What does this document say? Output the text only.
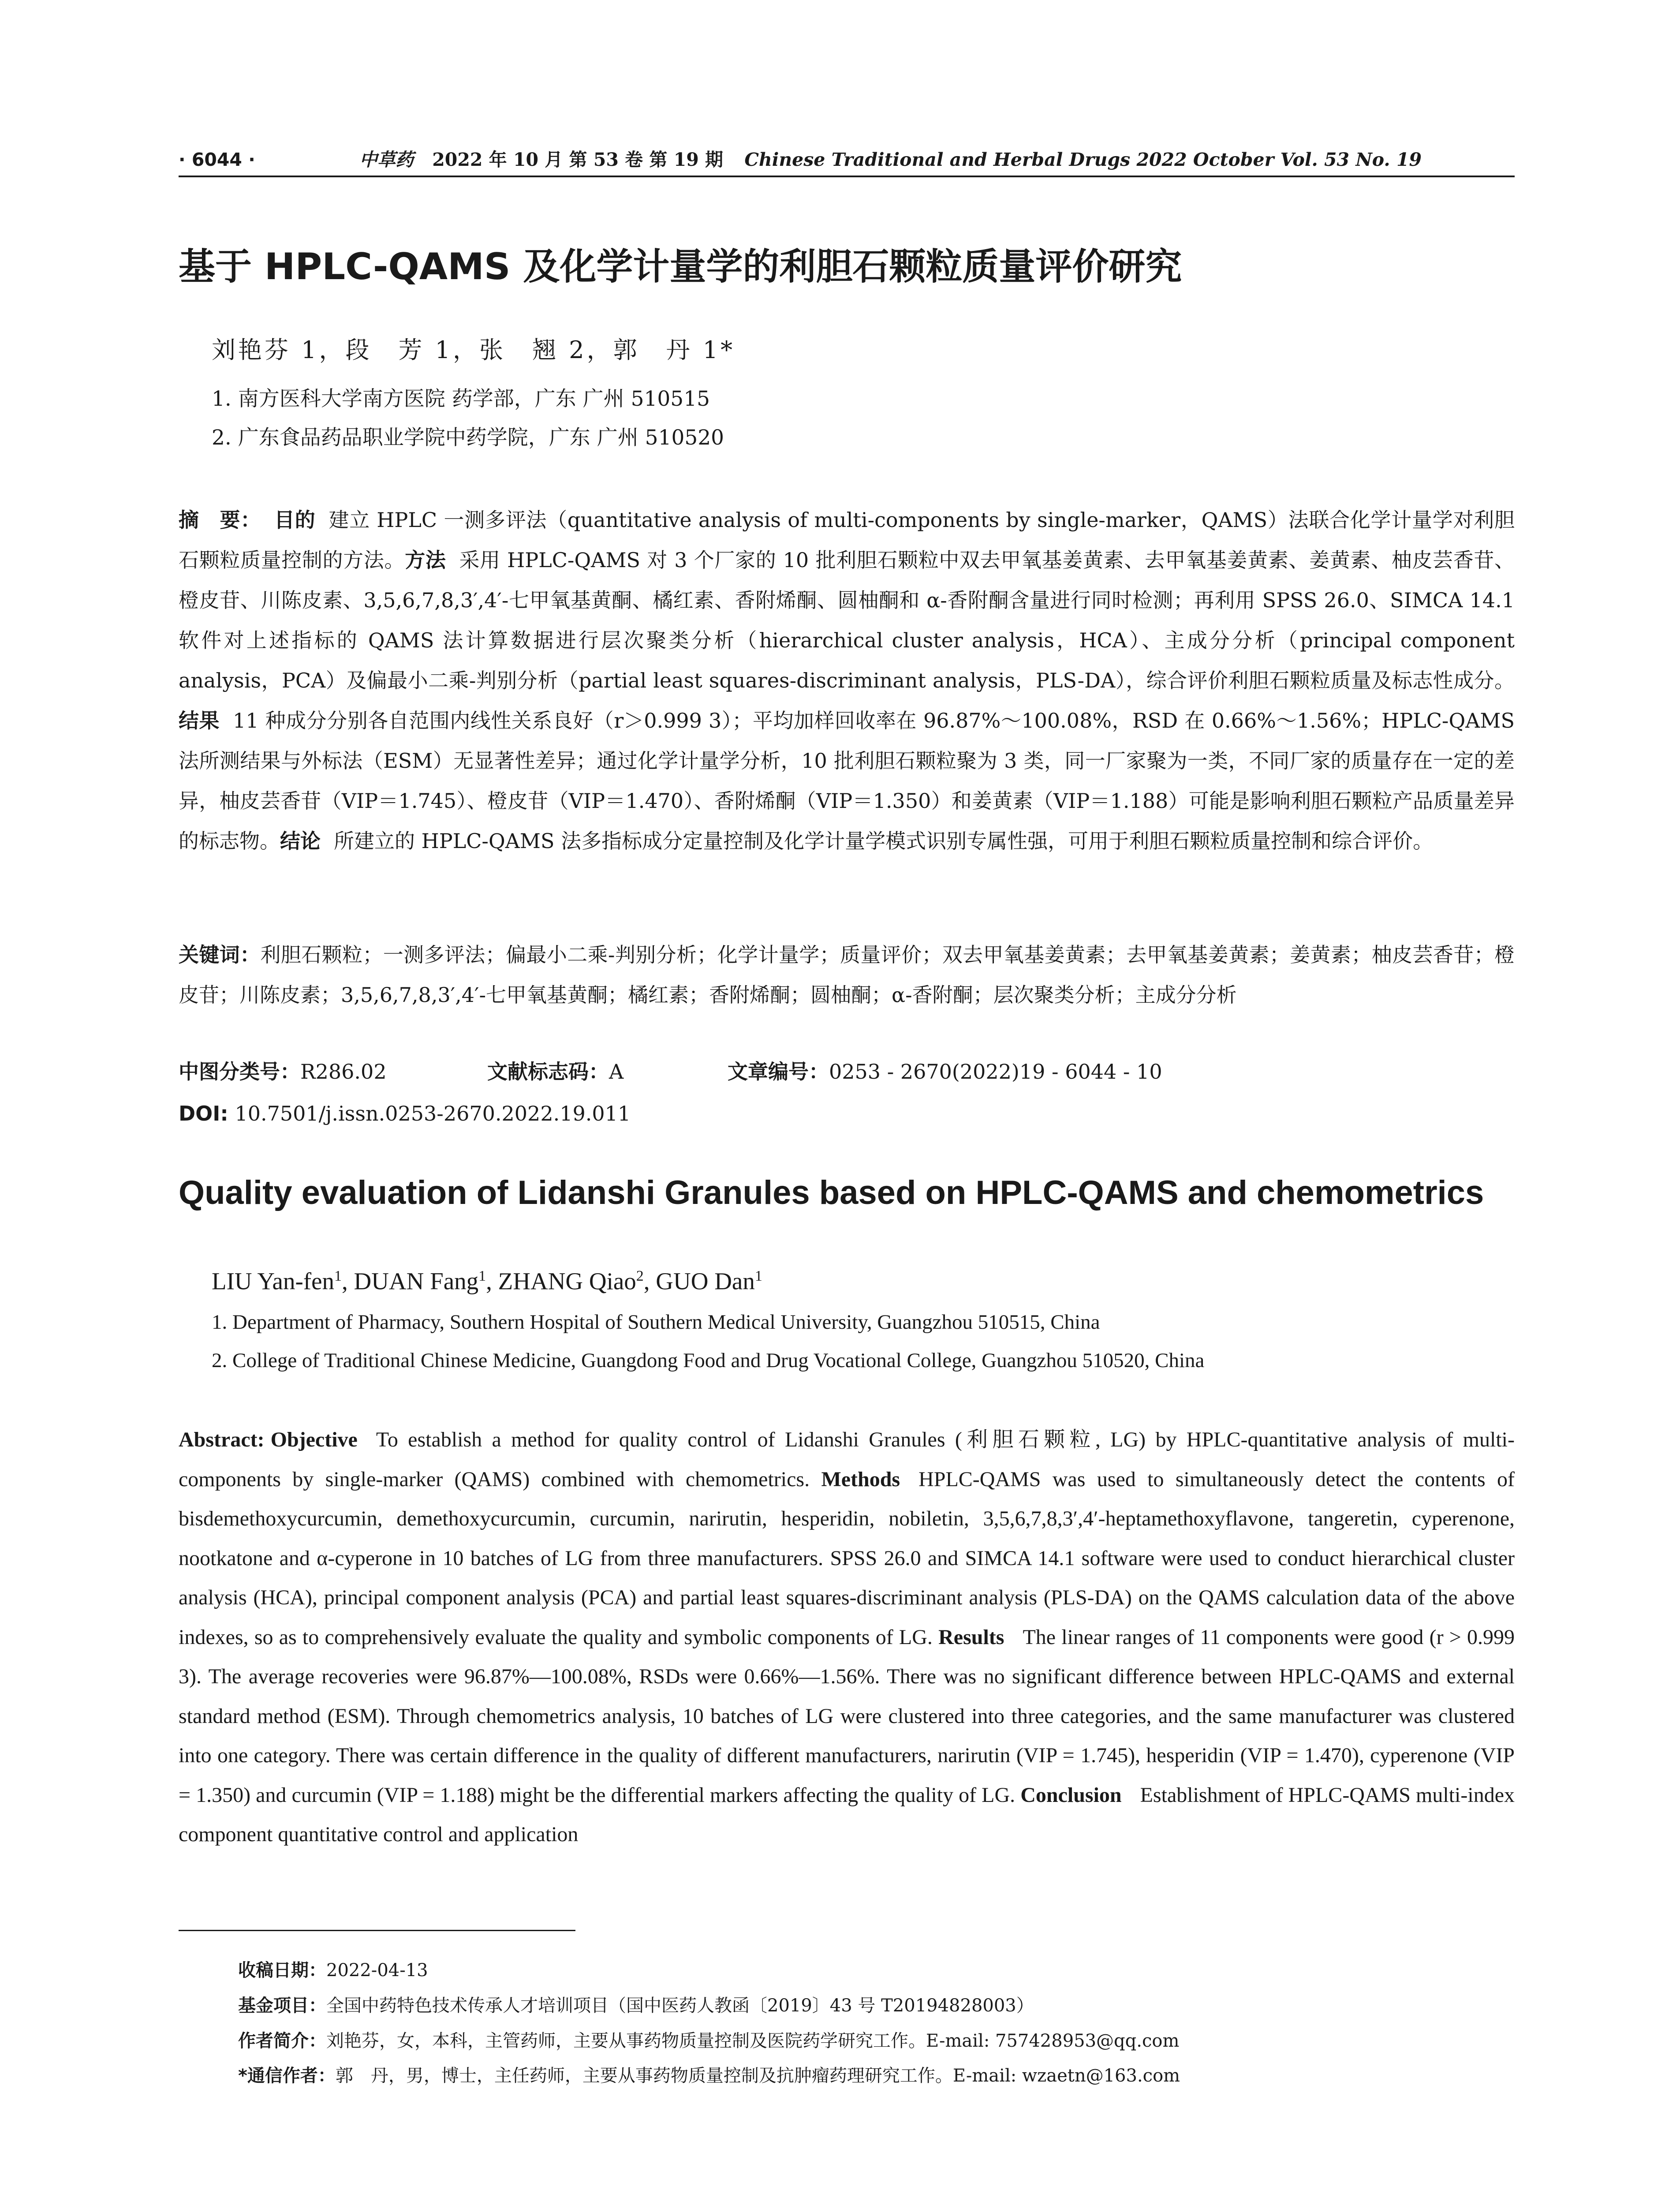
· 6044 ·	中草药 2022 年 10 月 第 53 卷 第 19 期 Chinese Traditional and Herbal Drugs 2022 October Vol. 53 No. 19
基于 HPLC-QAMS 及化学计量学的利胆石颗粒质量评价研究
刘艳芬 1，段　芳 1，张　翘 2，郭　丹 1*
1. 南方医科大学南方医院 药学部，广东 广州 510515
2. 广东食品药品职业学院中药学院，广东 广州 510520
摘　要： 目的 建立 HPLC 一测多评法（quantitative analysis of multi-components by single-marker，QAMS）法联合化学计量学对利胆石颗粒质量控制的方法。方法 采用 HPLC-QAMS 对 3 个厂家的 10 批利胆石颗粒中双去甲氧基姜黄素、去甲氧基姜黄素、姜黄素、柚皮芸香苷、橙皮苷、川陈皮素、3,5,6,7,8,3′,4′-七甲氧基黄酮、橘红素、香附烯酮、圆柚酮和 α-香附酮含量进行同时检测；再利用 SPSS 26.0、SIMCA 14.1 软件对上述指标的 QAMS 法计算数据进行层次聚类分析（hierarchical cluster analysis，HCA）、主成分分析（principal component analysis，PCA）及偏最小二乘-判别分析（partial least squares-discriminant analysis，PLS-DA），综合评价利胆石颗粒质量及标志性成分。结果 11 种成分分别各自范围内线性关系良好（r＞0.999 3）；平均加样回收率在 96.87%～100.08%，RSD 在 0.66%～1.56%；HPLC-QAMS 法所测结果与外标法（ESM）无显著性差异；通过化学计量学分析，10 批利胆石颗粒聚为 3 类，同一厂家聚为一类，不同厂家的质量存在一定的差异，柚皮芸香苷（VIP＝1.745）、橙皮苷（VIP＝1.470）、香附烯酮（VIP＝1.350）和姜黄素（VIP＝1.188）可能是影响利胆石颗粒产品质量差异的标志物。结论 所建立的 HPLC-QAMS 法多指标成分定量控制及化学计量学模式识别专属性强，可用于利胆石颗粒质量控制和综合评价。
关键词：利胆石颗粒；一测多评法；偏最小二乘-判别分析；化学计量学；质量评价；双去甲氧基姜黄素；去甲氧基姜黄素；姜黄素；柚皮芸香苷；橙皮苷；川陈皮素；3,5,6,7,8,3′,4′-七甲氧基黄酮；橘红素；香附烯酮；圆柚酮；α-香附酮；层次聚类分析；主成分分析
中图分类号：R286.02	文献标志码：A	文章编号：0253 - 2670(2022)19 - 6044 - 10
DOI: 10.7501/j.issn.0253-2670.2022.19.011
Quality evaluation of Lidanshi Granules based on HPLC-QAMS and chemometrics
LIU Yan-fen$^1$, DUAN Fang$^1$, ZHANG Qiao$^2$, GUO Dan$^1$
1. Department of Pharmacy, Southern Hospital of Southern Medical University, Guangzhou 510515, China
2. College of Traditional Chinese Medicine, Guangdong Food and Drug Vocational College, Guangzhou 510520, China
Abstract: Objective To establish a method for quality control of Lidanshi Granules (利胆石颗粒, LG) by HPLC-quantitative analysis of multi-components by single-marker (QAMS) combined with chemometrics. Methods HPLC-QAMS was used to simultaneously detect the contents of bisdemethoxycurcumin, demethoxycurcumin, curcumin, narirutin, hesperidin, nobiletin, 3,5,6,7,8,3′,4′-heptamethoxyflavone, tangeretin, cyperenone, nootkatone and α-cyperone in 10 batches of LG from three manufacturers. SPSS 26.0 and SIMCA 14.1 software were used to conduct hierarchical cluster analysis (HCA), principal component analysis (PCA) and partial least squares-discriminant analysis (PLS-DA) on the QAMS calculation data of the above indexes, so as to comprehensively evaluate the quality and symbolic components of LG. Results The linear ranges of 11 components were good (r > 0.999 3). The average recoveries were 96.87%—100.08%, RSDs were 0.66%—1.56%. There was no significant difference between HPLC-QAMS and external standard method (ESM). Through chemometrics analysis, 10 batches of LG were clustered into three categories, and the same manufacturer was clustered into one category. There was certain difference in the quality of different manufacturers, narirutin (VIP = 1.745), hesperidin (VIP = 1.470), cyperenone (VIP = 1.350) and curcumin (VIP = 1.188) might be the differential markers affecting the quality of LG. Conclusion Establishment of HPLC-QAMS multi-index component quantitative control and application
收稿日期：2022-04-13
基金项目：全国中药特色技术传承人才培训项目（国中医药人教函〔2019〕43 号 T20194828003）
作者简介：刘艳芬，女，本科，主管药师，主要从事药物质量控制及医院药学研究工作。E-mail: 757428953@qq.com
*通信作者：郭　丹，男，博士，主任药师，主要从事药物质量控制及抗肿瘤药理研究工作。E-mail: wzaetn@163.com
